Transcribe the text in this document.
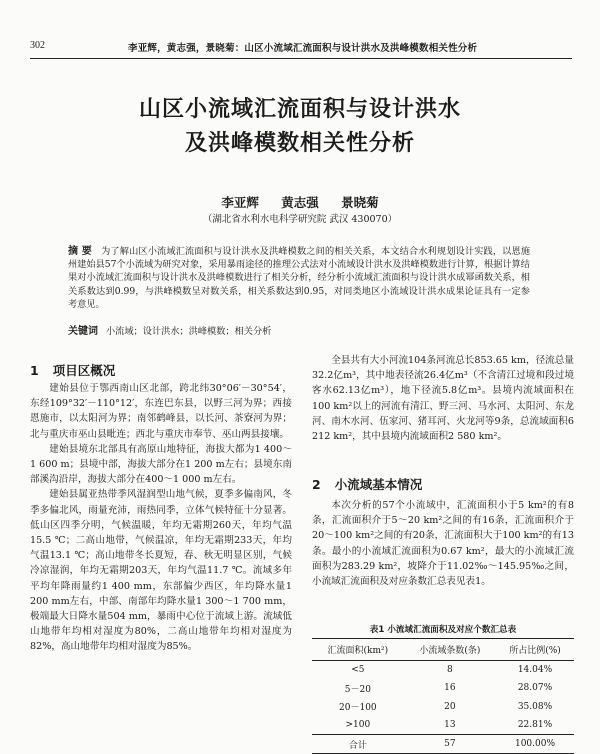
302	李亚辉，黄志强，景晓菊：山区小流域汇流面积与设计洪水及洪峰模数相关性分析
山区小流域汇流面积与设计洪水
及洪峰模数相关性分析
李亚辉 黄志强 景晓菊
（湖北省水利水电科学研究院 武汉 430070）
摘 要 为了解山区小流域汇流面积与设计洪水及洪峰模数之间的相关关系，本文结合水利规划设计实践，以恩施州建始县57个小流域为研究对象，采用暴雨途径的推理公式法对小流域设计洪水及洪峰模数进行计算，根据计算结果对小流域汇流面积与设计洪水及洪峰模数进行了相关分析，经分析小流域汇流面积与设计洪水成幂函数关系，相关系数达到0.99，与洪峰模数呈对数关系，相关系数达到0.95，对同类地区小流域设计洪水成果论证具有一定参考意见。
关键词 小流域；设计洪水；洪峰模数；相关分析
1 项目区概况

建始县位于鄂西南山区北部，跨北纬30°06′－30°54′，东经109°32′－110°12′，东连巴东县，以野三河为界；西接恩施市，以太阳河为界；南邻鹤峰县，以长河、茶寮河为界；北与重庆市巫山县毗连；西北与重庆市奉节、巫山两县接壤。

建始县境东北部具有高原山地特征，海拔大都为1 400～1 600 m；县境中部，海拔大部分在1 200 m左右；县境东南部溪沟沿岸，海拔大部分在400～1 000 m左右。

建始县属亚热带季风湿润型山地气候，夏季多偏南风，冬季多偏北风，雨量充沛，雨热同季，立体气候特征十分显著。低山区四季分明，气候温暖，年均无霜期260天，年均气温15.5 ℃；二高山地带，气候温凉，年均无霜期233天，年均气温13.1 ℃；高山地带冬长夏短，春、秋无明显区别，气候冷凉湿润，年均无霜期203天，年均气温11.7 ℃。流域多年平均年降雨量约1 400 mm，东部偏少西区，年均降水量1 200 mm左右，中部、南部年均降水量1 300～1 700 mm，极端最大日降水量504 mm，暴雨中心位于流域上游。流域低山地带年均相对湿度为80%，二高山地带年均相对湿度为82%，高山地带年均相对湿度为85%。

全县共有大小河流104条河流总长853.65 km，径流总量32.2亿m³，其中地表径流26.4亿m³（不含清江过境和段过境客水62.13亿m³），地下径流5.8亿m³。县境内流域面积在100 km²以上的河流有清江、野三河、马水河、太阳河、东龙河、南木水河、伍家河、猪耳河、火龙河等9条，总流域面积6 212 km²，其中县境内流域面积2 580 km²。

2 小流域基本情况

本次分析的57个小流域中，汇流面积小于5 km²的有8条，汇流面积介于5～20 km²之间的有16条，汇流面积介于20～100 km²之间的有20条，汇流面积大于100 km²的有13条。最小的小流域汇流面积为0.67 km²，最大的小流域汇流面积为283.29 km²，坡降介于11.02‰～145.95‰之间，小流域汇流面积及对应条数汇总表见表1。

表1 小流域汇流面积及对应个数汇总表
汇流面积(km²)	小流域条数(条)	所占比例(%)
<5	8	14.04%
5－20	16	28.07%
20－100	20	35.08%
>100	13	22.81%
合计	57	100.00%
